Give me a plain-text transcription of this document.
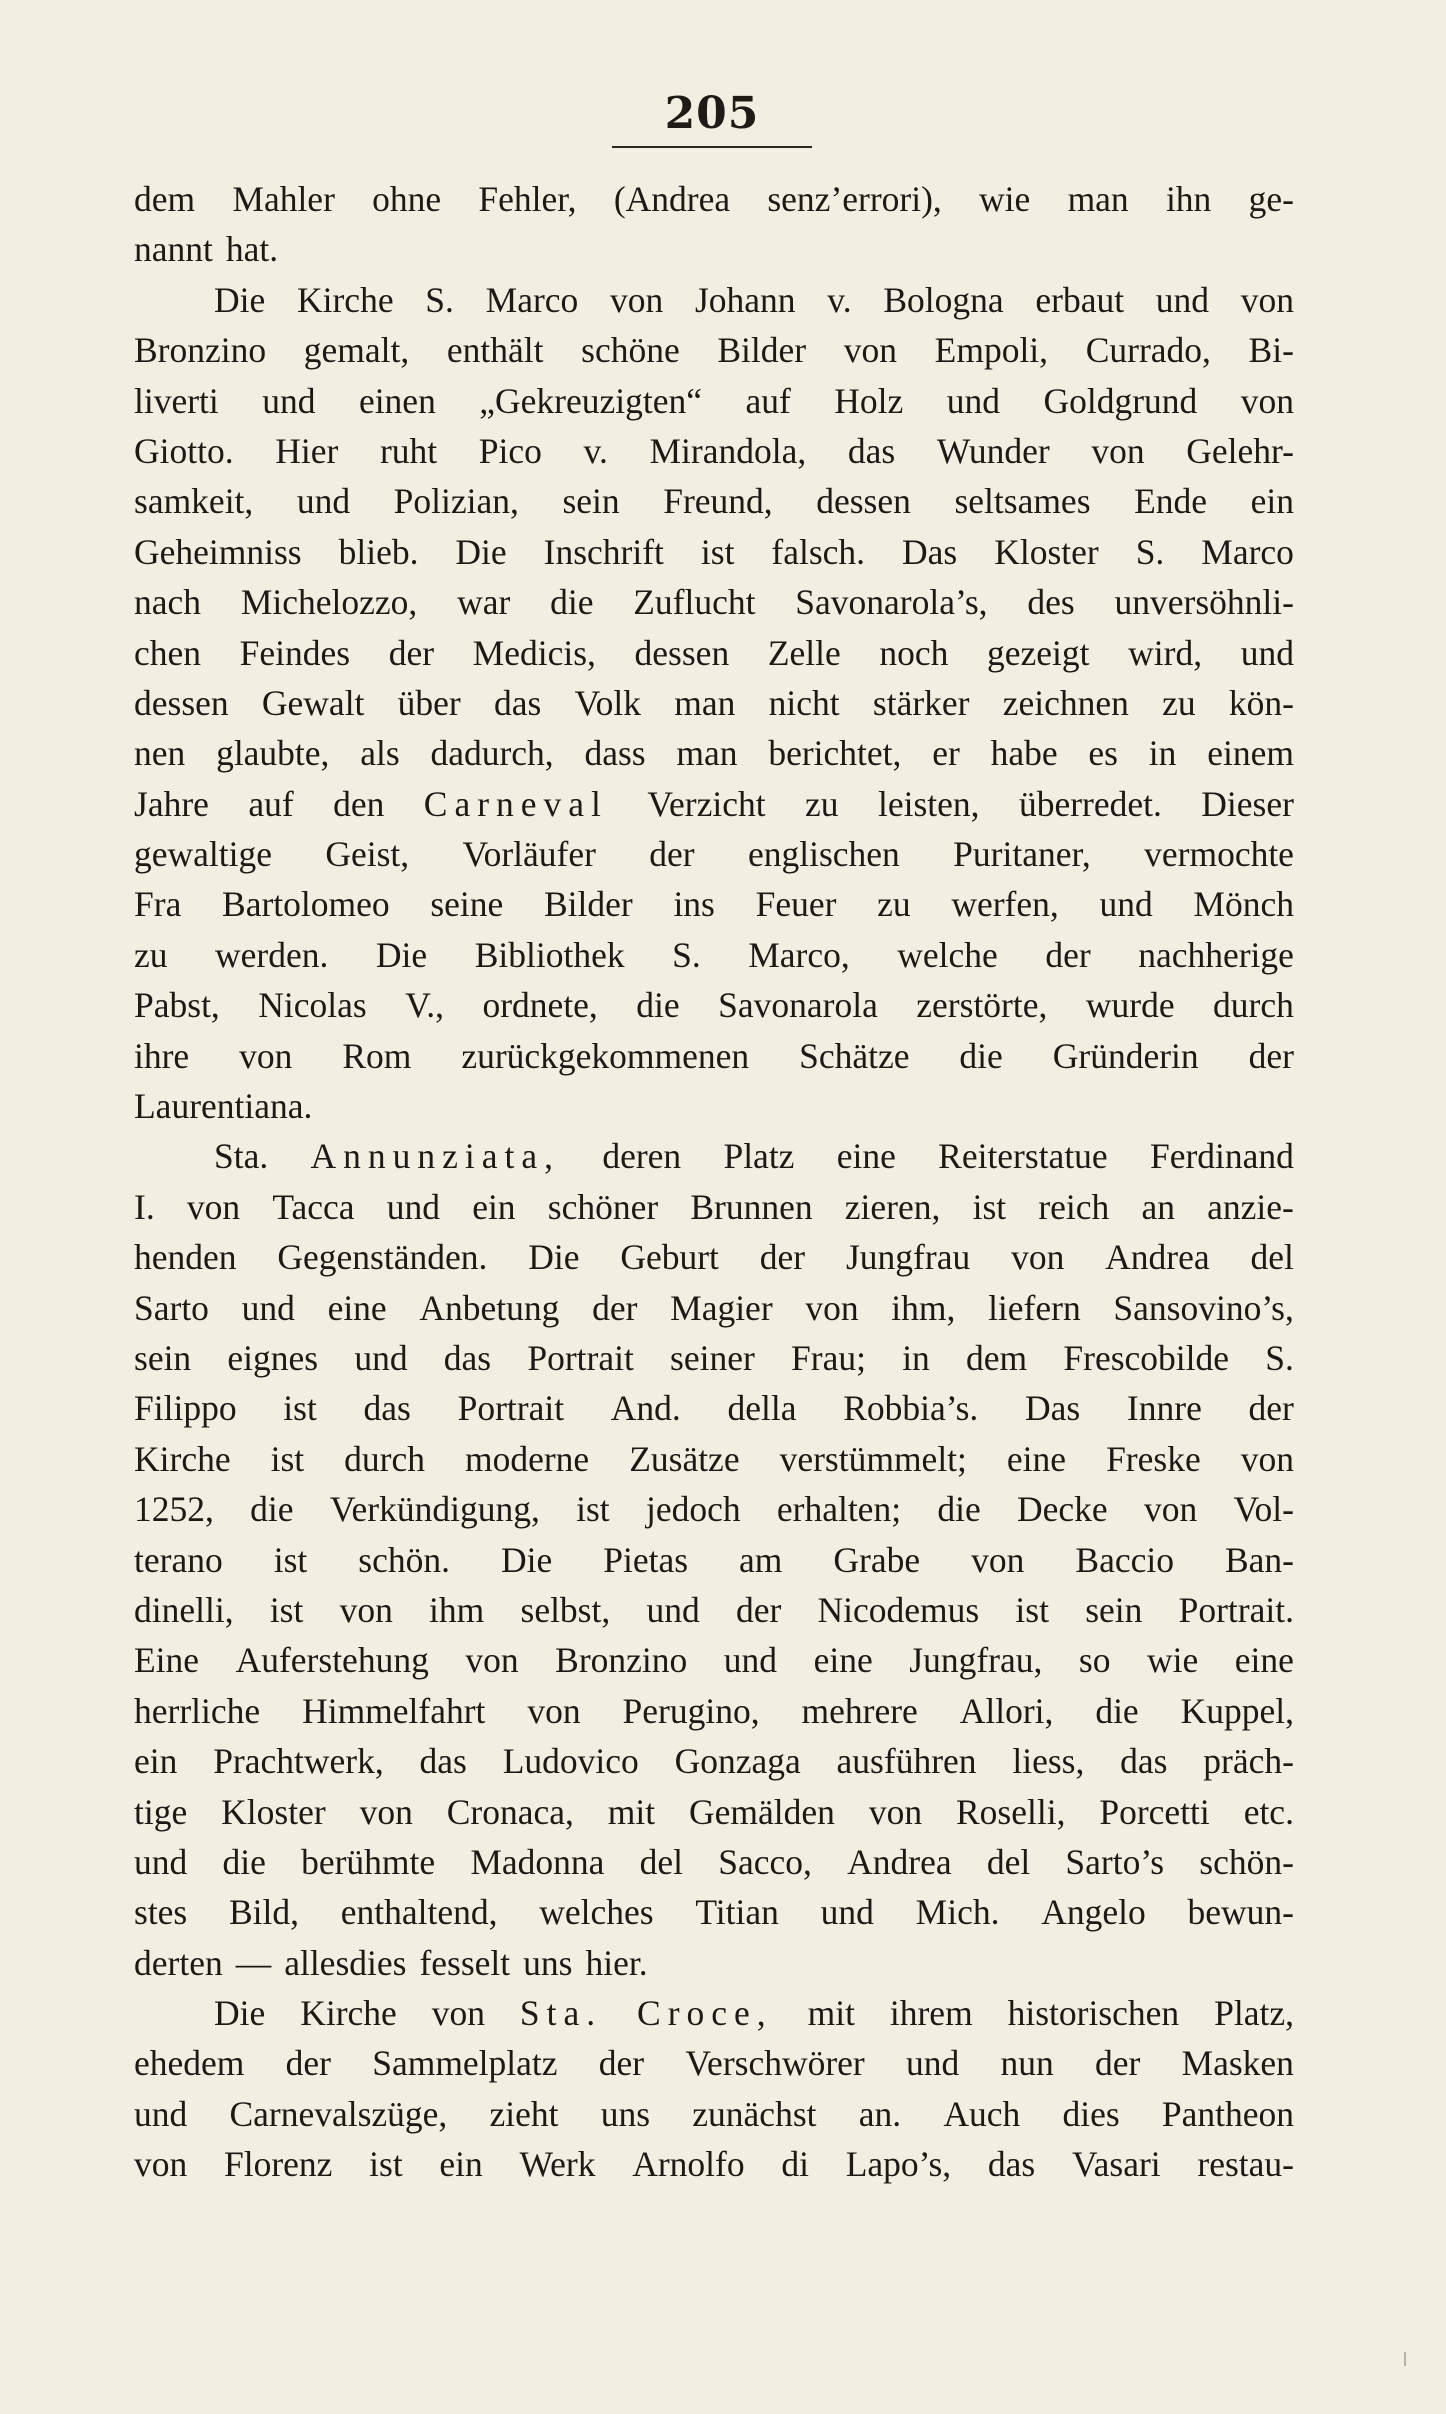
205
dem Mahler ohne Fehler, (Andrea senz’errori), wie man ihn ge-
nannt hat.
Die Kirche S. Marco von Johann v. Bologna erbaut und von
Bronzino gemalt, enthält schöne Bilder von Empoli, Currado, Bi-
liverti und einen „Gekreuzigten“ auf Holz und Goldgrund von
Giotto. Hier ruht Pico v. Mirandola, das Wunder von Gelehr-
samkeit, und Polizian, sein Freund, dessen seltsames Ende ein
Geheimniss blieb. Die Inschrift ist falsch. Das Kloster S. Marco
nach Michelozzo, war die Zuflucht Savonarola’s, des unversöhnli-
chen Feindes der Medicis, dessen Zelle noch gezeigt wird, und
dessen Gewalt über das Volk man nicht stärker zeichnen zu kön-
nen glaubte, als dadurch, dass man berichtet, er habe es in einem
Jahre auf den Carneval Verzicht zu leisten, überredet. Dieser
gewaltige Geist, Vorläufer der englischen Puritaner, vermochte
Fra Bartolomeo seine Bilder ins Feuer zu werfen, und Mönch
zu werden. Die Bibliothek S. Marco, welche der nachherige
Pabst, Nicolas V., ordnete, die Savonarola zerstörte, wurde durch
ihre von Rom zurückgekommenen Schätze die Gründerin der
Laurentiana.
Sta. Annunziata, deren Platz eine Reiterstatue Ferdinand
I. von Tacca und ein schöner Brunnen zieren, ist reich an anzie-
henden Gegenständen. Die Geburt der Jungfrau von Andrea del
Sarto und eine Anbetung der Magier von ihm, liefern Sansovino’s,
sein eignes und das Portrait seiner Frau; in dem Frescobilde S.
Filippo ist das Portrait And. della Robbia’s. Das Innre der
Kirche ist durch moderne Zusätze verstümmelt; eine Freske von
1252, die Verkündigung, ist jedoch erhalten; die Decke von Vol-
terano ist schön. Die Pietas am Grabe von Baccio Ban-
dinelli, ist von ihm selbst, und der Nicodemus ist sein Portrait.
Eine Auferstehung von Bronzino und eine Jungfrau, so wie eine
herrliche Himmelfahrt von Perugino, mehrere Allori, die Kuppel,
ein Prachtwerk, das Ludovico Gonzaga ausführen liess, das präch-
tige Kloster von Cronaca, mit Gemälden von Roselli, Porcetti etc.
und die berühmte Madonna del Sacco, Andrea del Sarto’s schön-
stes Bild, enthaltend, welches Titian und Mich. Angelo bewun-
derten — allesdies fesselt uns hier.
Die Kirche von Sta. Croce, mit ihrem historischen Platz,
ehedem der Sammelplatz der Verschwörer und nun der Masken
und Carnevalszüge, zieht uns zunächst an. Auch dies Pantheon
von Florenz ist ein Werk Arnolfo di Lapo’s, das Vasari restau-
